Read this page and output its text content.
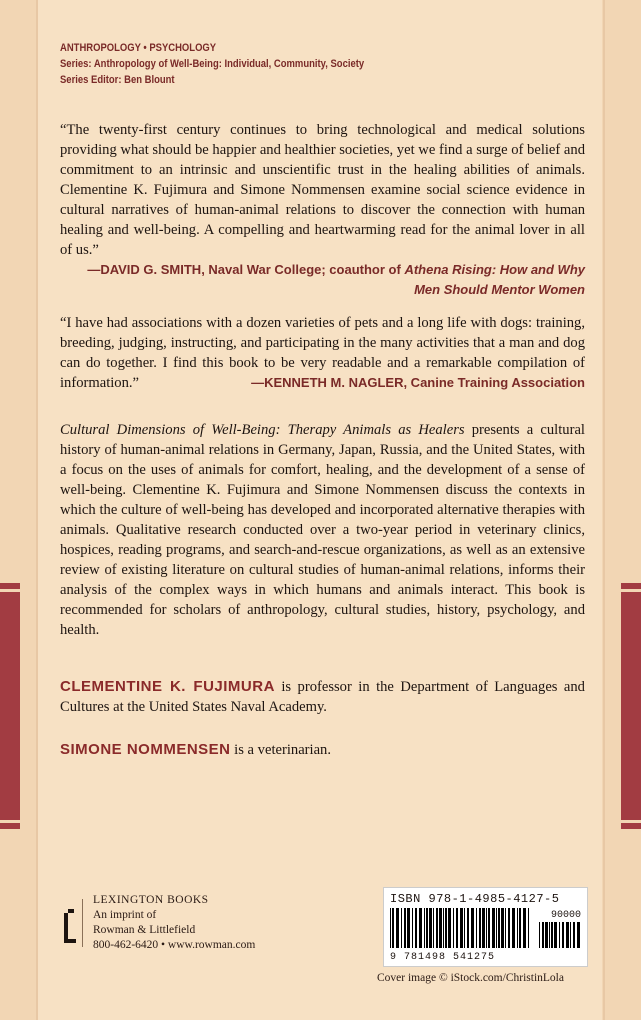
ANTHROPOLOGY • PSYCHOLOGY
Series: Anthropology of Well-Being: Individual, Community, Society
Series Editor: Ben Blount
“The twenty-first century continues to bring technological and medical solutions providing what should be happier and healthier societies, yet we find a surge of belief and commitment to an intrinsic and unscientific trust in the healing abilities of animals. Clementine K. Fujimura and Simone Nommensen examine social science evidence in cultural narratives of human-animal relations to discover the connection with human healing and well-being. A compelling and heartwarming read for the animal lover in all of us.”
—DAVID G. SMITH, Naval War College; coauthor of Athena Rising: How and Why Men Should Mentor Women
“I have had associations with a dozen varieties of pets and a long life with dogs: training, breeding, judging, instructing, and participating in the many activities that a man and dog can do together. I find this book to be very readable and a remarkable compilation of information.”	—KENNETH M. NAGLER, Canine Training Association
Cultural Dimensions of Well-Being: Therapy Animals as Healers presents a cultural history of human-animal relations in Germany, Japan, Russia, and the United States, with a focus on the uses of animals for comfort, healing, and the development of a sense of well-being. Clementine K. Fujimura and Simone Nommensen discuss the contexts in which the culture of well-being has developed and incorporated alternative therapies with animals. Qualitative research conducted over a two-year period in veterinary clinics, hospices, reading programs, and search-and-rescue organizations, as well as an extensive review of existing literature on cultural studies of human-animal relations, informs their analysis of the complex ways in which humans and animals interact. This book is recommended for scholars of anthropology, cultural studies, history, psychology, and health.
CLEMENTINE K. FUJIMURA is professor in the Department of Languages and Cultures at the United States Naval Academy.
SIMONE NOMMENSEN is a veterinarian.
LEXINGTON BOOKS
An imprint of
Rowman & Littlefield
800-462-6420 • www.rowman.com
ISBN 978-1-4985-4127-5
90000
9 781498 541275
Cover image © iStock.com/ChristinLola
